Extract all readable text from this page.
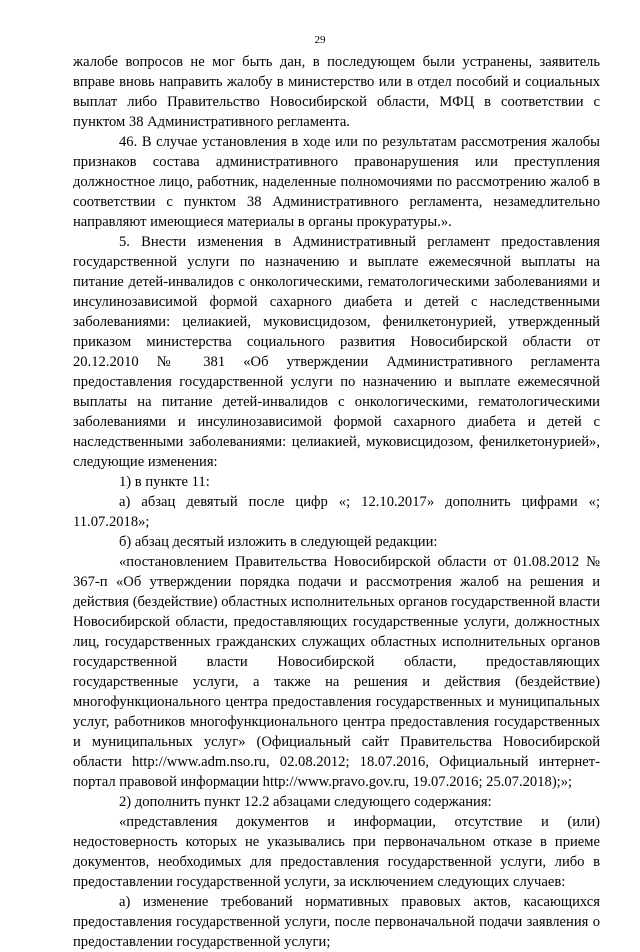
29

жалобе вопросов не мог быть дан, в последующем были устранены, заявитель вправе вновь направить жалобу в министерство или в отдел пособий и социальных выплат либо Правительство Новосибирской области, МФЦ в соответствии с пунктом 38 Административного регламента.

46. В случае установления в ходе или по результатам рассмотрения жалобы признаков состава административного правонарушения или преступления должностное лицо, работник, наделенные полномочиями по рассмотрению жалоб в соответствии с пунктом 38 Административного регламента, незамедлительно направляют имеющиеся материалы в органы прокуратуры.».

5. Внести изменения в Административный регламент предоставления государственной услуги по назначению и выплате ежемесячной выплаты на питание детей-инвалидов с онкологическими, гематологическими заболеваниями и инсулинозависимой формой сахарного диабета и детей с наследственными заболеваниями: целиакией, муковисцидозом, фенилкетонурией, утвержденный приказом министерства социального развития Новосибирской области от 20.12.2010 № 381 «Об утверждении Административного регламента предоставления государственной услуги по назначению и выплате ежемесячной выплаты на питание детей-инвалидов с онкологическими, гематологическими заболеваниями и инсулинозависимой формой сахарного диабета и детей с наследственными заболеваниями: целиакией, муковисцидозом, фенилкетонурией», следующие изменения:

1) в пункте 11:

а) абзац девятый после цифр «; 12.10.2017» дополнить цифрами «; 11.07.2018»;

б) абзац десятый изложить в следующей редакции:

«постановлением Правительства Новосибирской области от 01.08.2012 № 367-п «Об утверждении порядка подачи и рассмотрения жалоб на решения и действия (бездействие) областных исполнительных органов государственной власти Новосибирской области, предоставляющих государственные услуги, должностных лиц, государственных гражданских служащих областных исполнительных органов государственной власти Новосибирской области, предоставляющих государственные услуги, а также на решения и действия (бездействие) многофункционального центра предоставления государственных и муниципальных услуг, работников многофункционального центра предоставления государственных и муниципальных услуг» (Официальный сайт Правительства Новосибирской области http://www.adm.nso.ru, 02.08.2012; 18.07.2016, Официальный интернет-портал правовой информации http://www.pravo.gov.ru, 19.07.2016; 25.07.2018);»;

2) дополнить пункт 12.2 абзацами следующего содержания:

«представления документов и информации, отсутствие и (или) недостоверность которых не указывались при первоначальном отказе в приеме документов, необходимых для предоставления государственной услуги, либо в предоставлении государственной услуги, за исключением следующих случаев:

а) изменение требований нормативных правовых актов, касающихся предоставления государственной услуги, после первоначальной подачи заявления о предоставлении государственной услуги;
